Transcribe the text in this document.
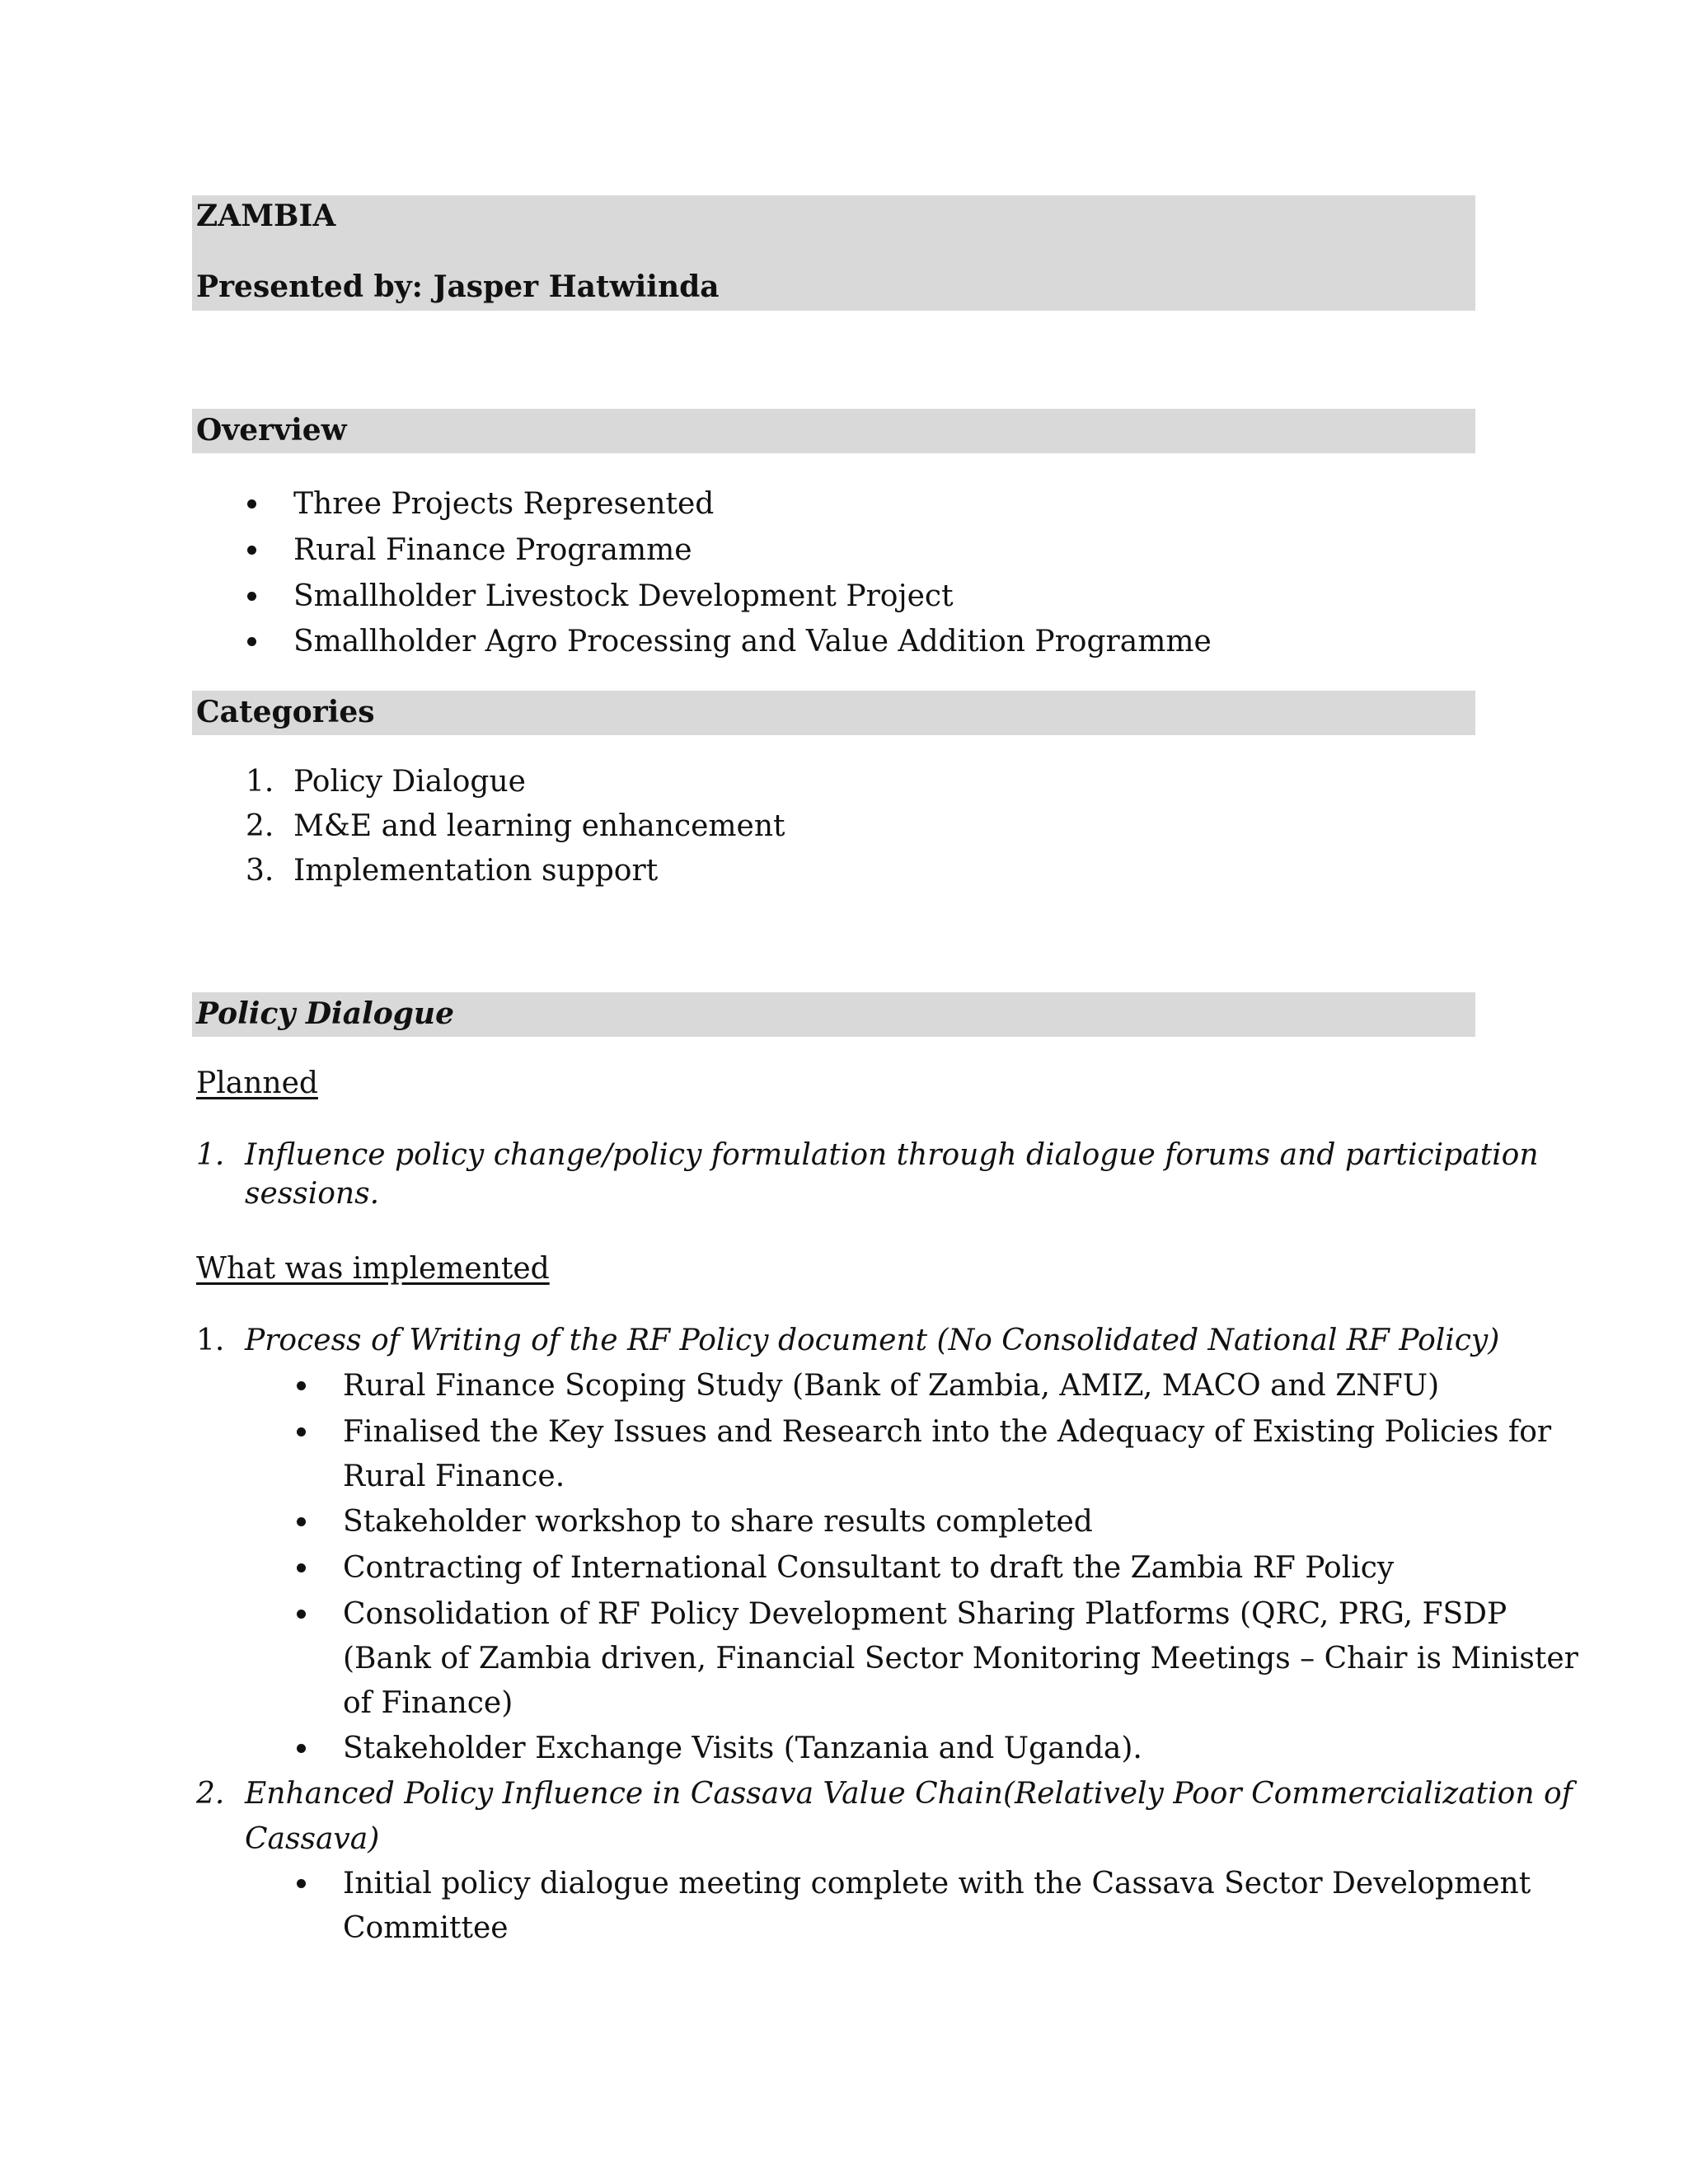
ZAMBIA
Presented by: Jasper Hatwiinda
Overview
Three Projects Represented
Rural Finance Programme
Smallholder Livestock Development Project
Smallholder Agro Processing and Value Addition Programme
Categories
1. Policy Dialogue
2. M&E and learning enhancement
3. Implementation support
Policy Dialogue
Planned
1. Influence policy change/policy formulation through dialogue forums and participation
sessions.
What was implemented
1. Process of Writing of the RF Policy document (No Consolidated National RF Policy)
Rural Finance Scoping Study (Bank of Zambia, AMIZ, MACO and ZNFU)
Finalised the Key Issues and Research into the Adequacy of Existing Policies for
Rural Finance.
Stakeholder workshop to share results completed
Contracting of International Consultant to draft the Zambia RF Policy
Consolidation of RF Policy Development Sharing Platforms (QRC, PRG, FSDP
(Bank of Zambia driven, Financial Sector Monitoring Meetings – Chair is Minister
of Finance)
Stakeholder Exchange Visits (Tanzania and Uganda).
2. Enhanced Policy Influence in Cassava Value Chain(Relatively Poor Commercialization of
Cassava)
Initial policy dialogue meeting complete with the Cassava Sector Development
Committee
